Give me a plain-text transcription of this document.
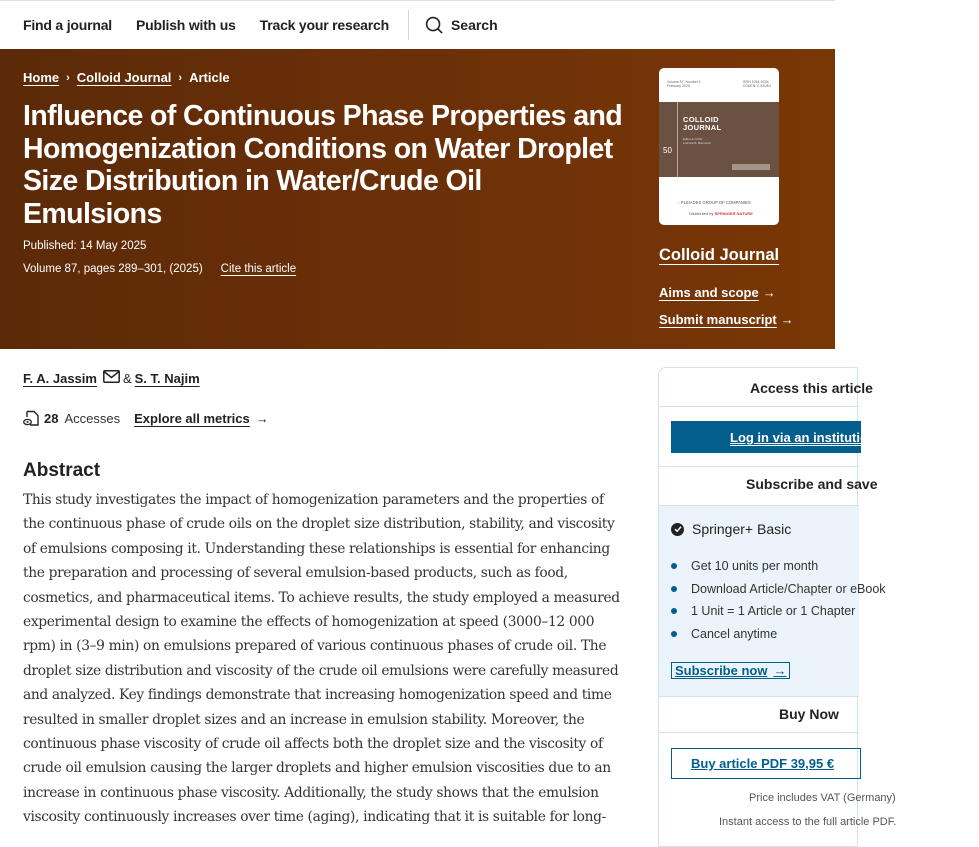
Find a journal Publish with us Track your research	Search
Home › Colloid Journal › Article
Influence of Continuous Phase Properties and Homogenization Conditions on Water Droplet Size Distribution in Water/Crude Oil Emulsions
Published: 14 May 2025
Volume 87, pages 289–301, (2025) Cite this article
Volume 87, Number 1
February 2025
ISSN 1061-933X
CODEN: CJOUE4
COLLOID
JOURNAL
Editor-in-Chief
Ludmila B. Boinovich
50
∴ PLEIADES GROUP OF COMPANIES
Distributed by SPRINGER NATURE
Colloid Journal
Aims and scope →
Submit manuscript →
F. A. Jassim & S. T. Najim
28 Accesses Explore all metrics →
Abstract

This study investigates the impact of homogenization parameters and the properties of the continuous phase of crude oils on the droplet size distribution, stability, and viscosity of emulsions composing it. Understanding these relationships is essential for enhancing the preparation and processing of several emulsion-based products, such as food, cosmetics, and pharmaceutical items. To achieve results, the study employed a measured experimental design to examine the effects of homogenization at speed (3000–12 000 rpm) in (3–9 min) on emulsions prepared of various continuous phases of crude oil. The droplet size distribution and viscosity of the crude oil emulsions were carefully measured and analyzed. Key findings demonstrate that increasing homogenization speed and time resulted in smaller droplet sizes and an increase in emulsion stability. Moreover, the continuous phase viscosity of crude oil affects both the droplet size and the viscosity of crude oil emulsion causing the larger droplets and higher emulsion viscosities due to an increase in continuous phase viscosity. Additionally, the study shows that the emulsion viscosity continuously increases over time (aging), indicating that it is suitable for long-

Access this article
Log in via an institution
Subscribe and save
Springer+ Basic
Get 10 units per month
Download Article/Chapter or eBook
1 Unit = 1 Article or 1 Chapter
Cancel anytime
Subscribe now →
Buy Now
Buy article PDF 39,95 €
Price includes VAT (Germany)
Instant access to the full article PDF.
